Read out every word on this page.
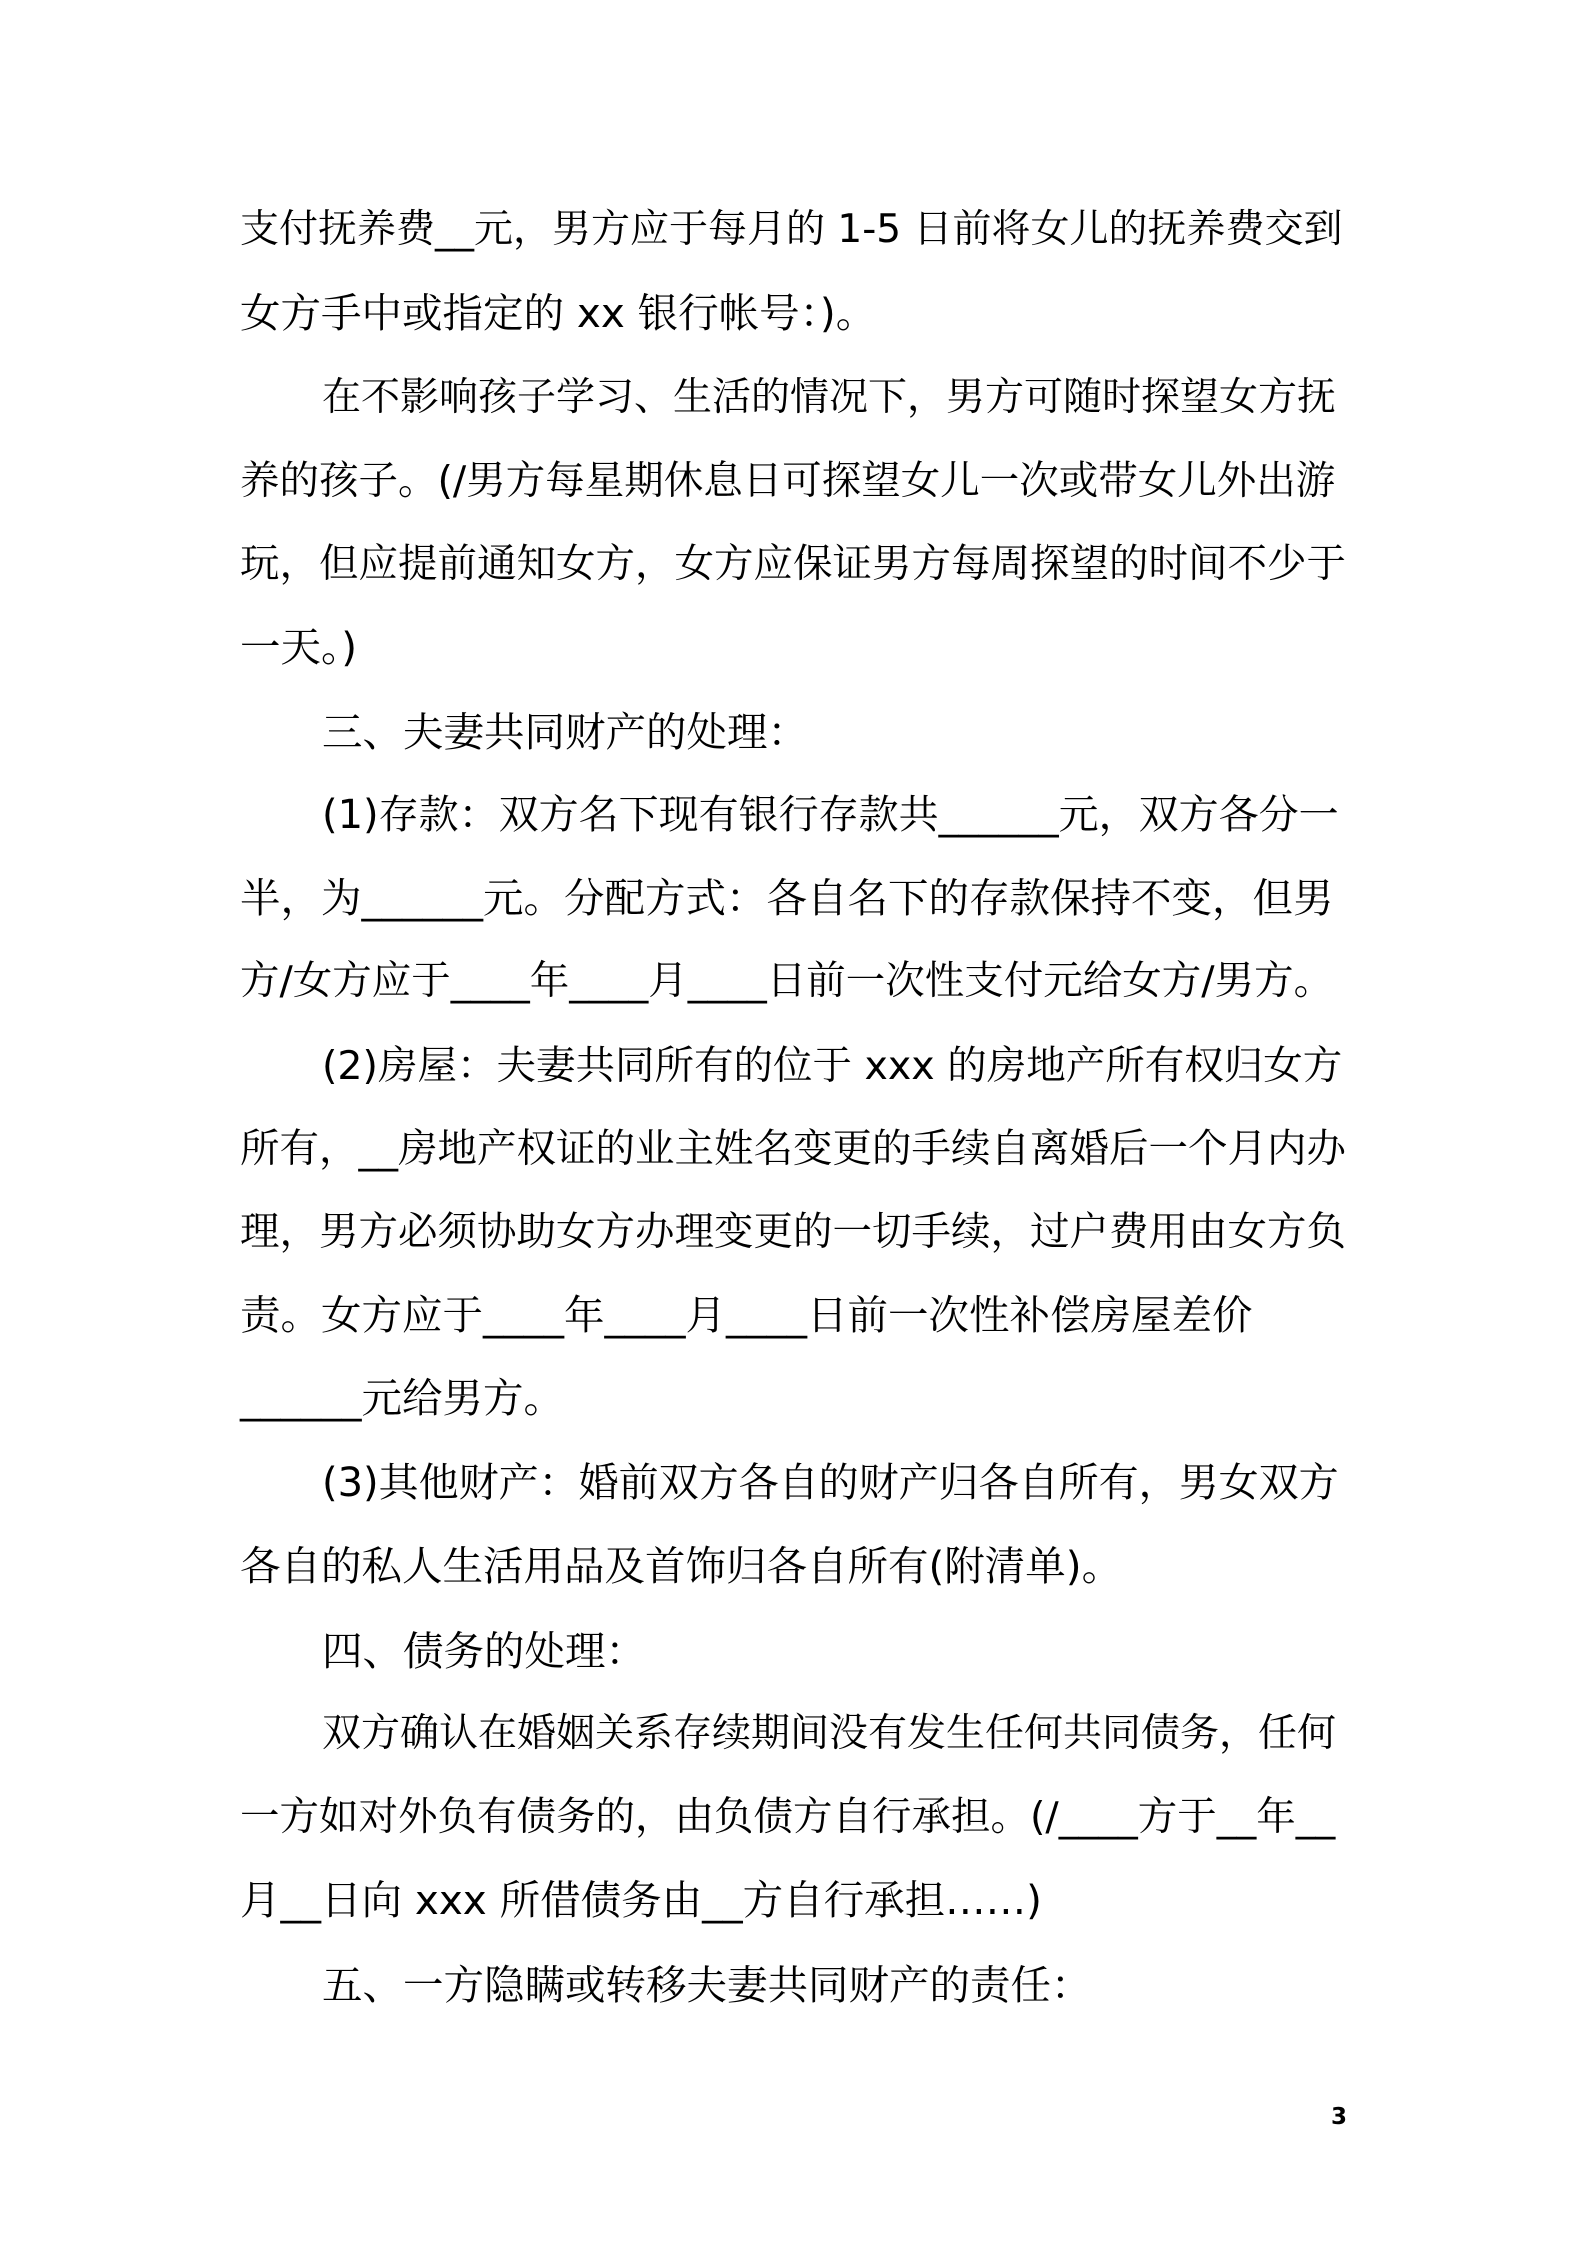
支付抚养费__元，男方应于每月的 1-5 日前将女儿的抚养费交到

女方手中或指定的 xx 银行帐号：)。

在不影响孩子学习、生活的情况下，男方可随时探望女方抚

养的孩子。(/男方每星期休息日可探望女儿一次或带女儿外出游

玩，但应提前通知女方，女方应保证男方每周探望的时间不少于

一天。)

三、夫妻共同财产的处理：

(1)存款：双方名下现有银行存款共______元，双方各分一

半，为______元。分配方式：各自名下的存款保持不变，但男

方/女方应于____年____月____日前一次性支付元给女方/男方。

(2)房屋：夫妻共同所有的位于 xxx 的房地产所有权归女方

所有，__房地产权证的业主姓名变更的手续自离婚后一个月内办

理，男方必须协助女方办理变更的一切手续，过户费用由女方负

责。女方应于____年____月____日前一次性补偿房屋差价

______元给男方。

(3)其他财产：婚前双方各自的财产归各自所有，男女双方

各自的私人生活用品及首饰归各自所有(附清单)。

四、债务的处理：

双方确认在婚姻关系存续期间没有发生任何共同债务，任何

一方如对外负有债务的，由负债方自行承担。(/____方于__年__

月__日向 xxx 所借债务由__方自行承担……)

五、一方隐瞒或转移夫妻共同财产的责任：

3
